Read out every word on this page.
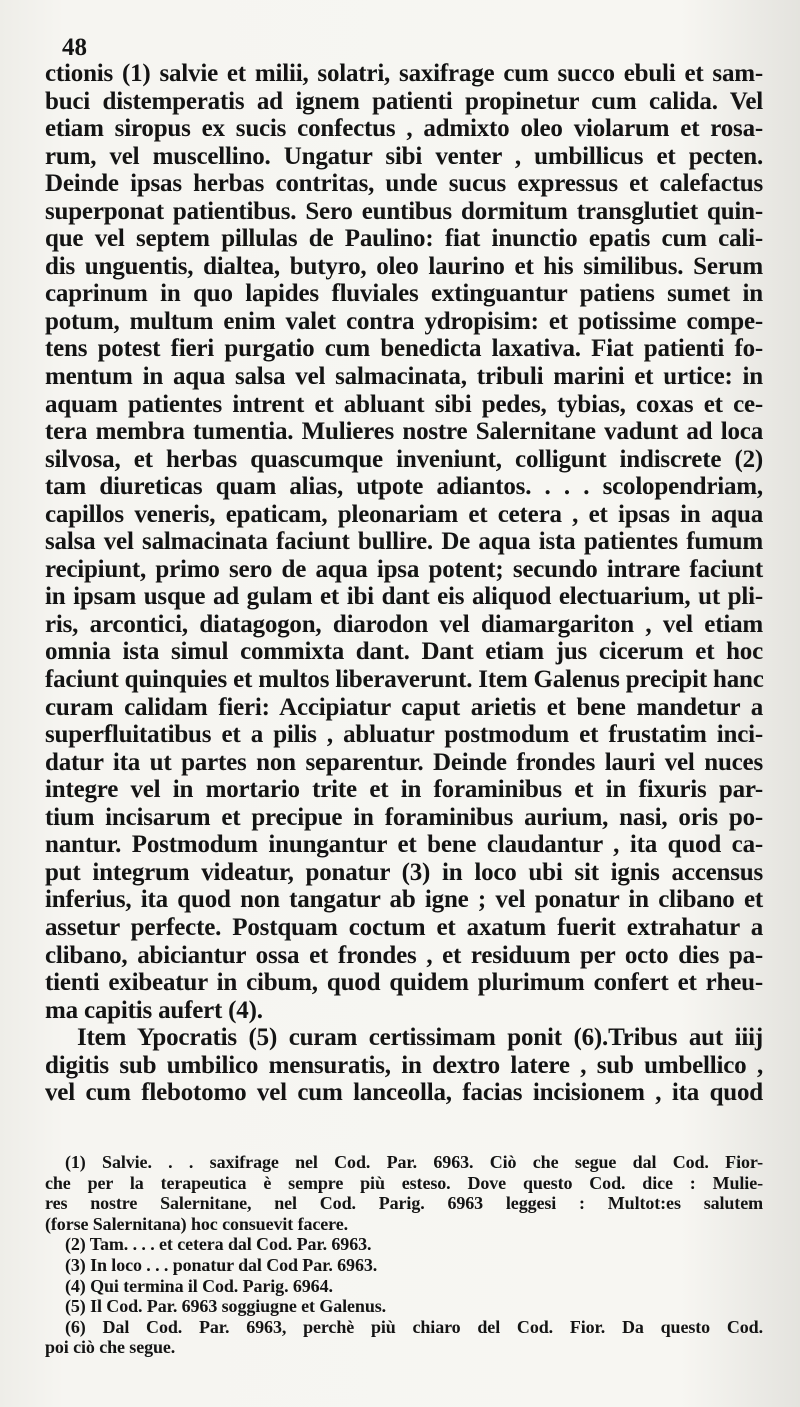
48
ctionis (1) salvie et milii, solatri, saxifrage cum succo ebuli et sam-
buci distemperatis ad ignem patienti propinetur cum calida. Vel
etiam siropus ex sucis confectus , admixto oleo violarum et rosa-
rum, vel muscellino. Ungatur sibi venter , umbillicus et pecten.
Deinde ipsas herbas contritas, unde sucus expressus et calefactus
superponat patientibus. Sero euntibus dormitum transglutiet quin-
que vel septem pillulas de Paulino: fiat inunctio epatis cum cali-
dis unguentis, dialtea, butyro, oleo laurino et his similibus. Serum
caprinum in quo lapides fluviales extinguantur patiens sumet in
potum, multum enim valet contra ydropisim: et potissime compe-
tens potest fieri purgatio cum benedicta laxativa. Fiat patienti fo-
mentum in aqua salsa vel salmacinata, tribuli marini et urtice: in
aquam patientes intrent et abluant sibi pedes, tybias, coxas et ce-
tera membra tumentia. Mulieres nostre Salernitane vadunt ad loca
silvosa, et herbas quascumque inveniunt, colligunt indiscrete (2)
tam diureticas quam alias, utpote adiantos. . . . scolopendriam,
capillos veneris, epaticam, pleonariam et cetera , et ipsas in aqua
salsa vel salmacinata faciunt bullire. De aqua ista patientes fumum
recipiunt, primo sero de aqua ipsa potent; secundo intrare faciunt
in ipsam usque ad gulam et ibi dant eis aliquod electuarium, ut pli-
ris, arcontici, diatagogon, diarodon vel diamargariton , vel etiam
omnia ista simul commixta dant. Dant etiam jus cicerum et hoc
faciunt quinquies et multos liberaverunt. Item Galenus precipit hanc
curam calidam fieri: Accipiatur caput arietis et bene mandetur a
superfluitatibus et a pilis , abluatur postmodum et frustatim inci-
datur ita ut partes non separentur. Deinde frondes lauri vel nuces
integre vel in mortario trite et in foraminibus et in fixuris par-
tium incisarum et precipue in foraminibus aurium, nasi, oris po-
nantur. Postmodum inungantur et bene claudantur , ita quod ca-
put integrum videatur, ponatur (3) in loco ubi sit ignis accensus
inferius, ita quod non tangatur ab igne ; vel ponatur in clibano et
assetur perfecte. Postquam coctum et axatum fuerit extrahatur a
clibano, abiciantur ossa et frondes , et residuum per octo dies pa-
tienti exibeatur in cibum, quod quidem plurimum confert et rheu-
ma capitis aufert (4).
Item Ypocratis (5) curam certissimam ponit (6).Tribus aut iiij
digitis sub umbilico mensuratis, in dextro latere , sub umbellico ,
vel cum flebotomo vel cum lanceolla, facias incisionem , ita quod
(1) Salvie. . . saxifrage nel Cod. Par. 6963. Ciò che segue dal Cod. Fior-
che per la terapeutica è sempre più esteso. Dove questo Cod. dice : Mulie-
res nostre Salernitane, nel Cod. Parig. 6963 leggesi : Multot:es salutem
(forse Salernitana) hoc consuevit facere.
(2) Tam. . . . et cetera dal Cod. Par. 6963.
(3) In loco . . . ponatur dal Cod Par. 6963.
(4) Qui termina il Cod. Parig. 6964.
(5) Il Cod. Par. 6963 soggiugne et Galenus.
(6) Dal Cod. Par. 6963, perchè più chiaro del Cod. Fior. Da questo Cod.
poi ciò che segue.
